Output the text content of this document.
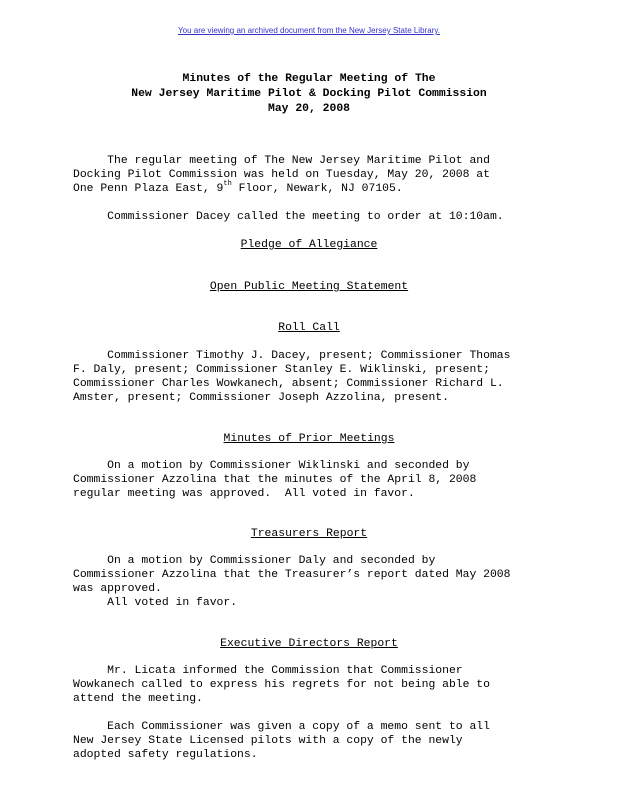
You are viewing an archived document from the New Jersey State Library.
Minutes of the Regular Meeting of The
New Jersey Maritime Pilot & Docking Pilot Commission
May 20, 2008
The regular meeting of The New Jersey Maritime Pilot and
Docking Pilot Commission was held on Tuesday, May 20, 2008 at
One Penn Plaza East, 9th Floor, Newark, NJ 07105.
Commissioner Dacey called the meeting to order at 10:10am.
Pledge of Allegiance
Open Public Meeting Statement
Roll Call
Commissioner Timothy J. Dacey, present; Commissioner Thomas
F. Daly, present; Commissioner Stanley E. Wiklinski, present;
Commissioner Charles Wowkanech, absent; Commissioner Richard L.
Amster, present; Commissioner Joseph Azzolina, present.
Minutes of Prior Meetings
On a motion by Commissioner Wiklinski and seconded by
Commissioner Azzolina that the minutes of the April 8, 2008
regular meeting was approved.  All voted in favor.
Treasurers Report
On a motion by Commissioner Daly and seconded by
Commissioner Azzolina that the Treasurer’s report dated May 2008
was approved.
All voted in favor.
Executive Directors Report
Mr. Licata informed the Commission that Commissioner
Wowkanech called to express his regrets for not being able to
attend the meeting.
Each Commissioner was given a copy of a memo sent to all
New Jersey State Licensed pilots with a copy of the newly
adopted safety regulations.
